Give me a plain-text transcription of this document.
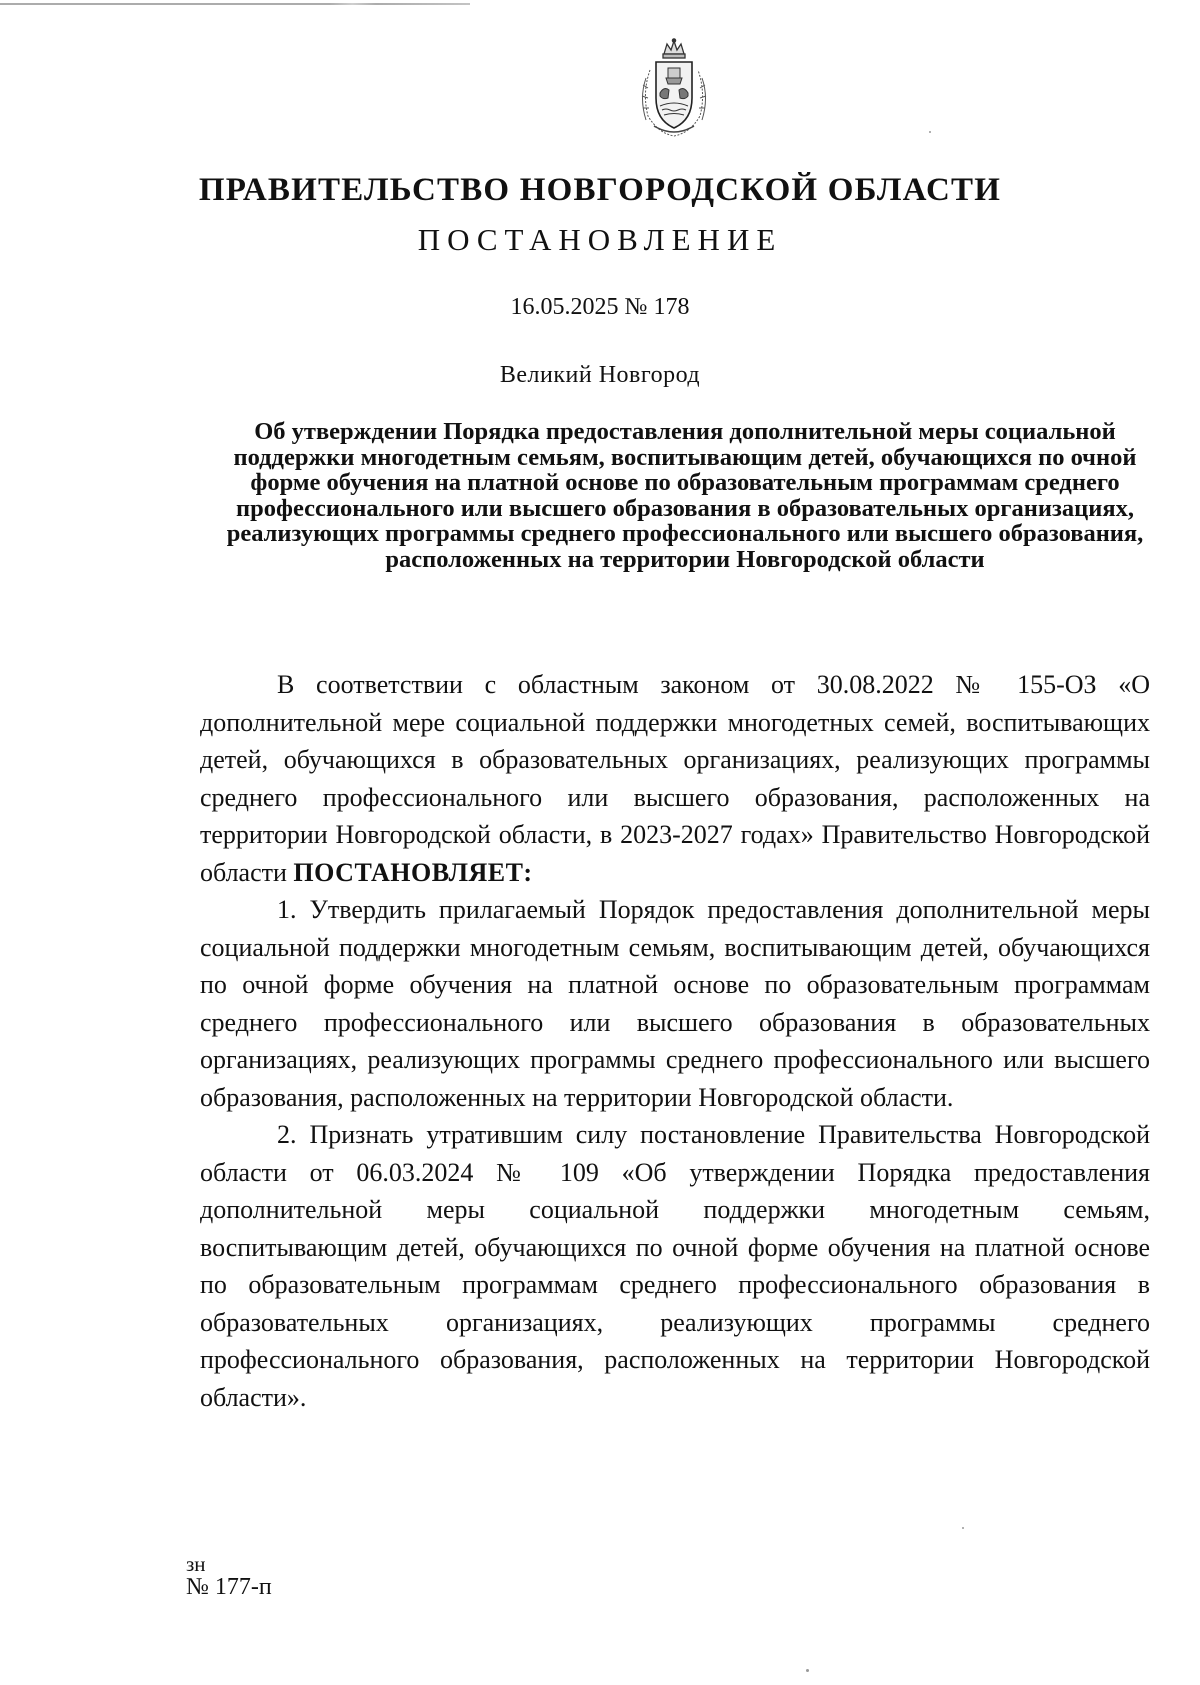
ПРАВИТЕЛЬСТВО НОВГОРОДСКОЙ ОБЛАСТИ
ПОСТАНОВЛЕНИЕ
16.05.2025 № 178
Великий Новгород
Об утверждении Порядка предоставления дополнительной меры социальной поддержки многодетным семьям, воспитывающим детей, обучающихся по очной форме обучения на платной основе по образовательным программам среднего профессионального или высшего образования в образовательных организациях, реализующих программы среднего профессионального или высшего образования, расположенных на территории Новгородской области

В соответствии с областным законом от 30.08.2022 № 155-ОЗ «О дополнительной мере социальной поддержки многодетных семей, воспитывающих детей, обучающихся в образовательных организациях, реализующих программы среднего профессионального или высшего образования, расположенных на территории Новгородской области, в 2023-2027 годах» Правительство Новгородской области ПОСТАНОВЛЯЕТ:

1. Утвердить прилагаемый Порядок предоставления дополнительной меры социальной поддержки многодетным семьям, воспитывающим детей, обучающихся по очной форме обучения на платной основе по образовательным программам среднего профессионального или высшего образования в образовательных организациях, реализующих программы среднего профессионального или высшего образования, расположенных на территории Новгородской области.

2. Признать утратившим силу постановление Правительства Новгородской области от 06.03.2024 № 109 «Об утверждении Порядка предоставления дополнительной меры социальной поддержки многодетным семьям, воспитывающим детей, обучающихся по очной форме обучения на платной основе по образовательным программам среднего профессионального образования в образовательных организациях, реализующих программы среднего профессионального образования, расположенных на территории Новгородской области».

зн
№ 177-п
